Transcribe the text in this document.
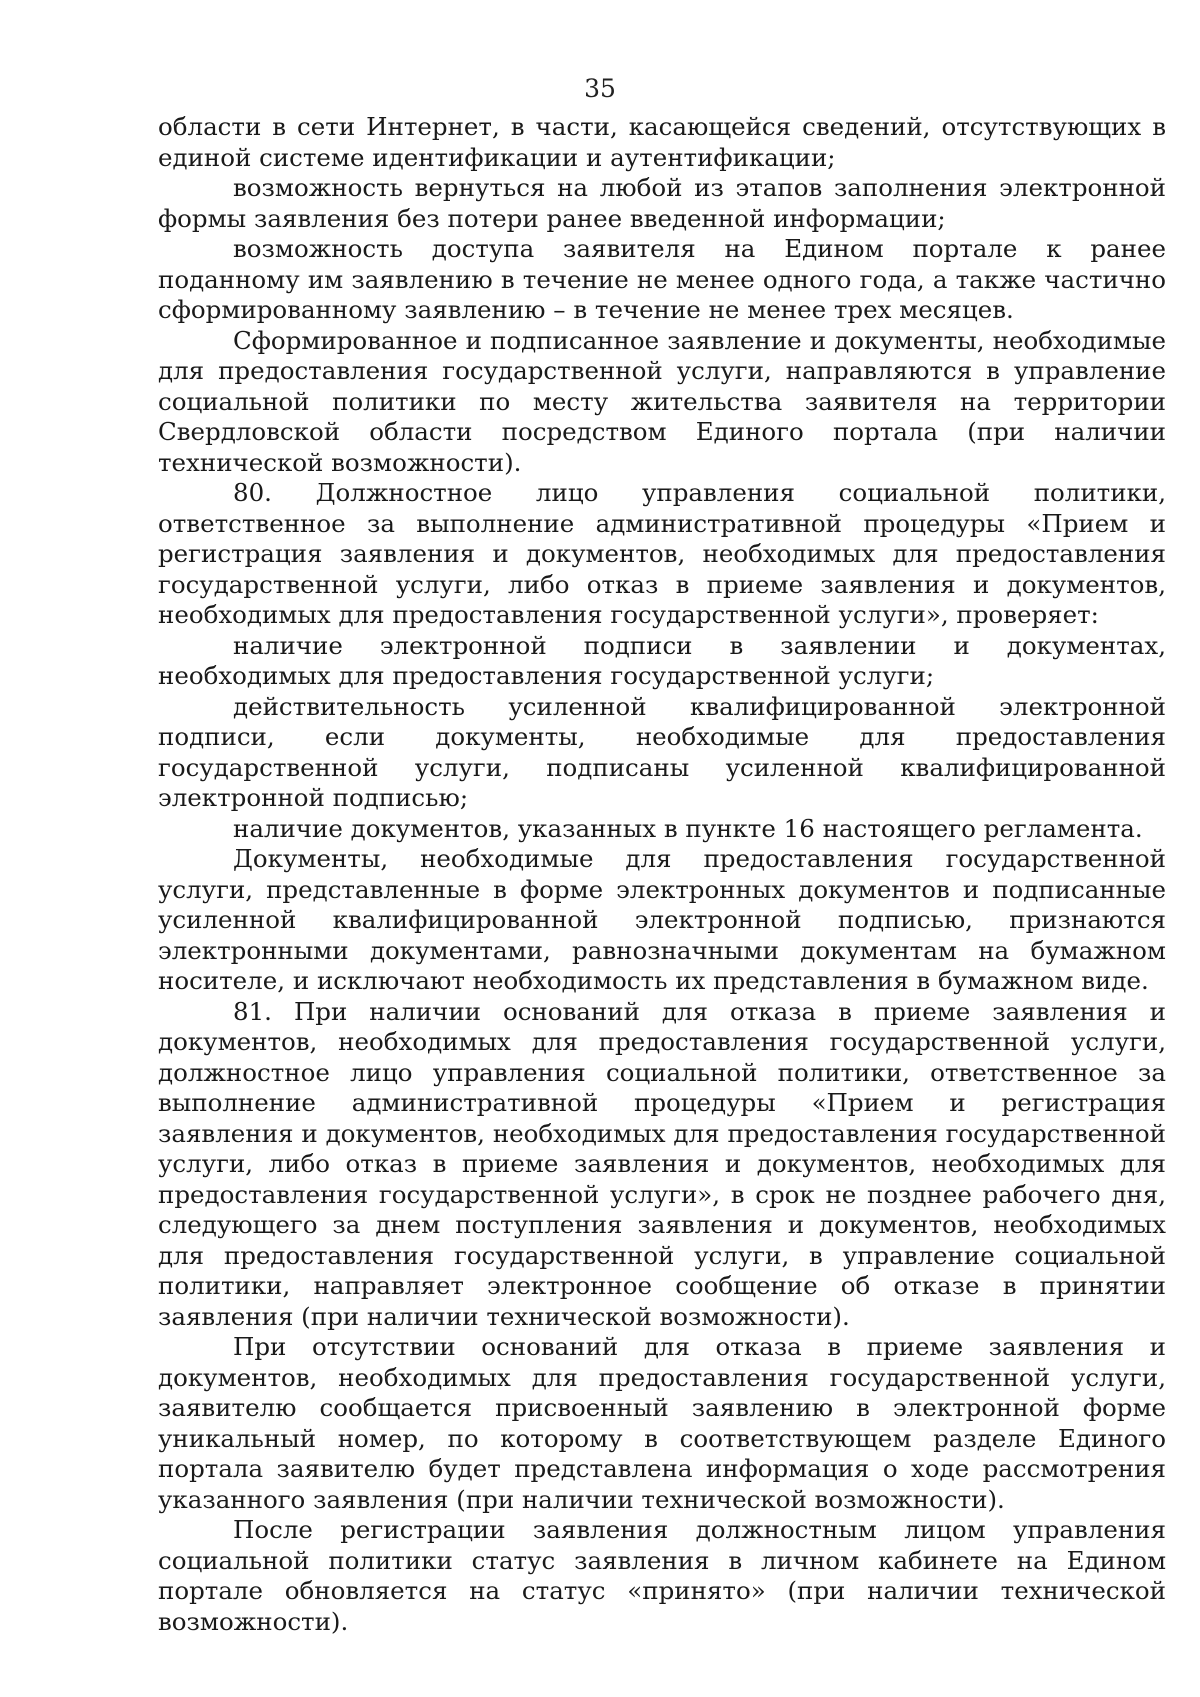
35

области в сети Интернет, в части, касающейся сведений, отсутствующих в единой системе идентификации и аутентификации;

возможность вернуться на любой из этапов заполнения электронной формы заявления без потери ранее введенной информации;

возможность доступа заявителя на Едином портале к ранее поданному им заявлению в течение не менее одного года, а также частично сформированному заявлению – в течение не менее трех месяцев.

Сформированное и подписанное заявление и документы, необходимые для предоставления государственной услуги, направляются в управление социальной политики по месту жительства заявителя на территории Свердловской области посредством Единого портала (при наличии технической возможности).

80. Должностное лицо управления социальной политики, ответственное за выполнение административной процедуры «Прием и регистрация заявления и документов, необходимых для предоставления государственной услуги, либо отказ в приеме заявления и документов, необходимых для предоставления государственной услуги», проверяет:

наличие электронной подписи в заявлении и документах, необходимых для предоставления государственной услуги;

действительность усиленной квалифицированной электронной подписи, если документы, необходимые для предоставления государственной услуги, подписаны усиленной квалифицированной электронной подписью;

наличие документов, указанных в пункте 16 настоящего регламента.

Документы, необходимые для предоставления государственной услуги, представленные в форме электронных документов и подписанные усиленной квалифицированной электронной подписью, признаются электронными документами, равнозначными документам на бумажном носителе, и исключают необходимость их представления в бумажном виде.

81. При наличии оснований для отказа в приеме заявления и документов, необходимых для предоставления государственной услуги, должностное лицо управления социальной политики, ответственное за выполнение административной процедуры «Прием и регистрация заявления и документов, необходимых для предоставления государственной услуги, либо отказ в приеме заявления и документов, необходимых для предоставления государственной услуги», в срок не позднее рабочего дня, следующего за днем поступления заявления и документов, необходимых для предоставления государственной услуги, в управление социальной политики, направляет электронное сообщение об отказе в принятии заявления (при наличии технической возможности).

При отсутствии оснований для отказа в приеме заявления и документов, необходимых для предоставления государственной услуги, заявителю сообщается присвоенный заявлению в электронной форме уникальный номер, по которому в соответствующем разделе Единого портала заявителю будет представлена информация о ходе рассмотрения указанного заявления (при наличии технической возможности).

После регистрации заявления должностным лицом управления социальной политики статус заявления в личном кабинете на Едином портале обновляется на статус «принято» (при наличии технической возможности).
